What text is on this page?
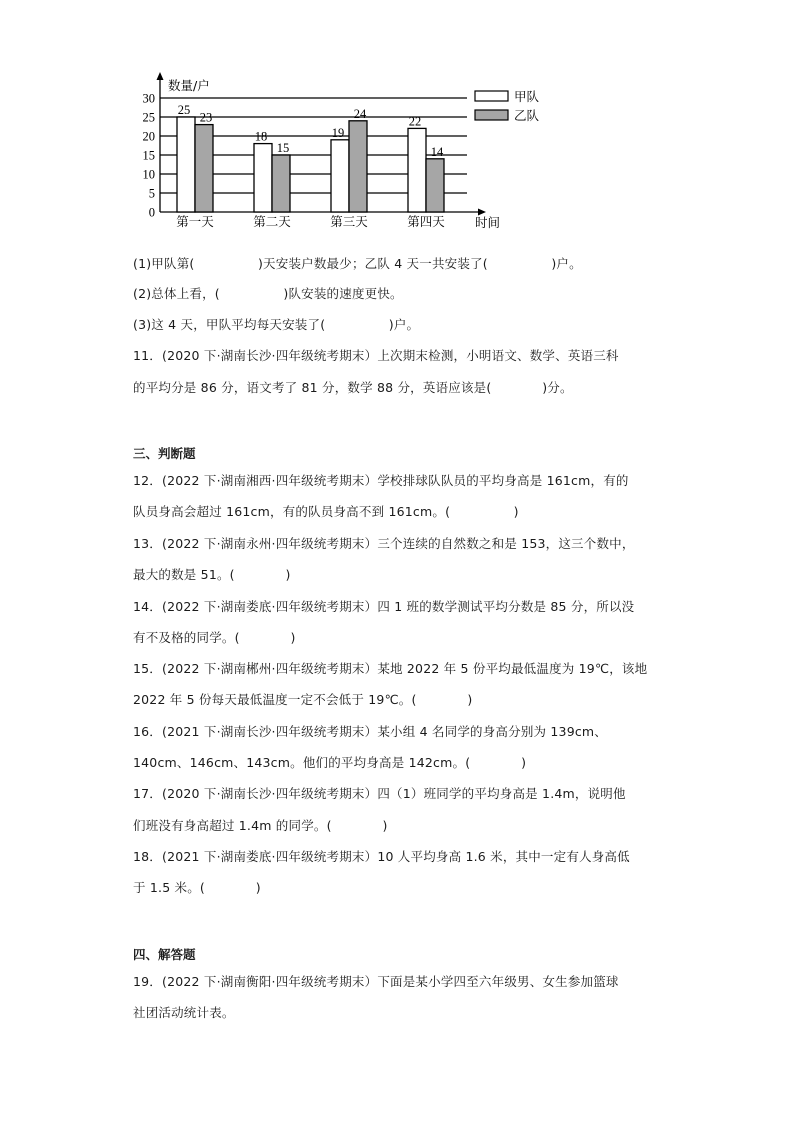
0
5
10
15
20
25
30
数量/户
时间
25
23
第一天
18
15
第二天
19
24
第三天
22
14
第四天
甲队
乙队
(1)甲队第(　　　　　)天安装户数最少；乙队 4 天一共安装了(　　　　　)户。
(2)总体上看，(　　　　　)队安装的速度更快。
(3)这 4 天，甲队平均每天安装了(　　　　　)户。
11．(2020 下·湖南长沙·四年级统考期末）上次期末检测，小明语文、数学、英语三科
的平均分是 86 分，语文考了 81 分，数学 88 分，英语应该是(　　　　)分。
三、判断题
12．(2022 下·湖南湘西·四年级统考期末）学校排球队队员的平均身高是 161cm，有的
队员身高会超过 161cm，有的队员身高不到 161cm。(　　　　　)
13．(2022 下·湖南永州·四年级统考期末）三个连续的自然数之和是 153，这三个数中，
最大的数是 51。(　　　　)
14．(2022 下·湖南娄底·四年级统考期末）四 1 班的数学测试平均分数是 85 分，所以没
有不及格的同学。(　　　　)
15．(2022 下·湖南郴州·四年级统考期末）某地 2022 年 5 份平均最低温度为 19℃，该地
2022 年 5 份每天最低温度一定不会低于 19℃。(　　　　)
16．(2021 下·湖南长沙·四年级统考期末）某小组 4 名同学的身高分别为 139cm、
140cm、146cm、143cm。他们的平均身高是 142cm。(　　　　)
17．(2020 下·湖南长沙·四年级统考期末）四（1）班同学的平均身高是 1.4m，说明他
们班没有身高超过 1.4m 的同学。(　　　　)
18．(2021 下·湖南娄底·四年级统考期末）10 人平均身高 1.6 米，其中一定有人身高低
于 1.5 米。(　　　　)
四、解答题
19．(2022 下·湖南衡阳·四年级统考期末）下面是某小学四至六年级男、女生参加篮球
社团活动统计表。
